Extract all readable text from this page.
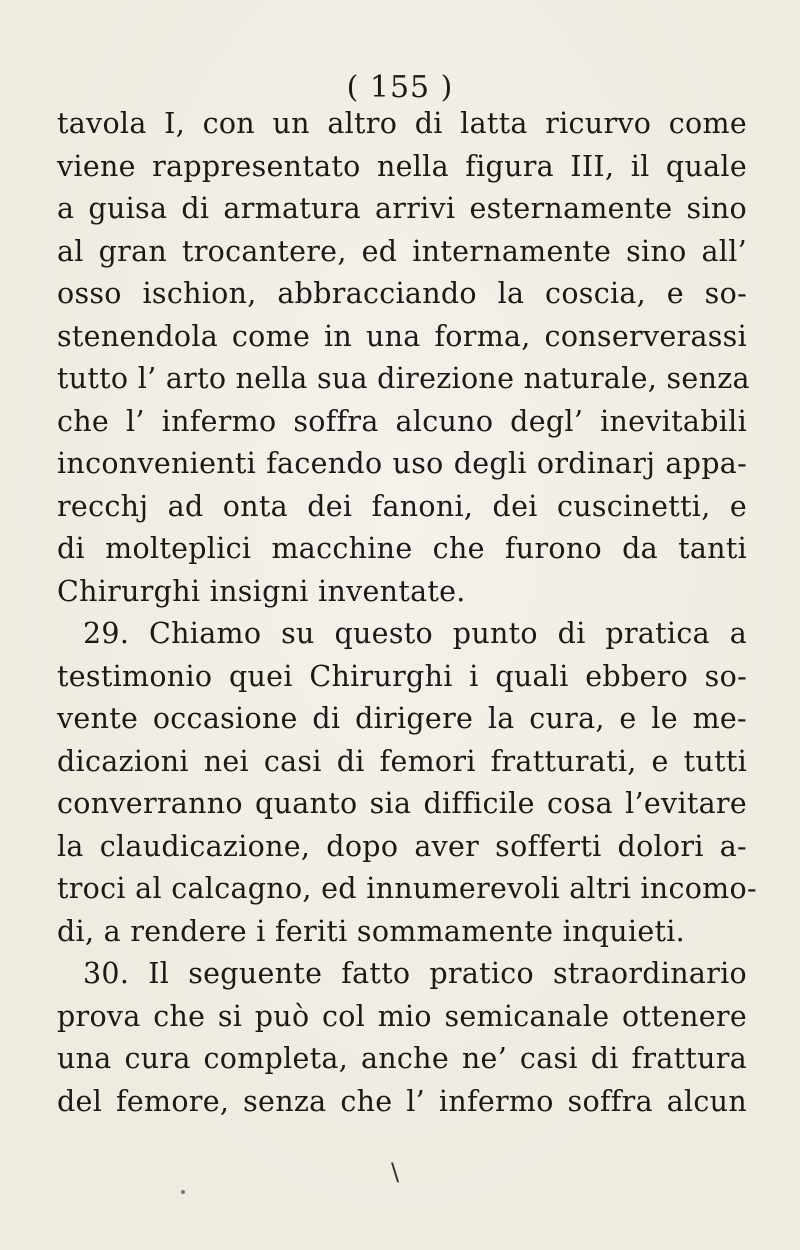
( 155 )
tavola I, con un altro di latta ricurvo come
viene rappresentato nella figura III, il quale
a guisa di armatura arrivi esternamente sino
al gran trocantere, ed internamente sino all’
osso ischion, abbracciando la coscia, e so-
stenendola come in una forma, conserverassi
tutto l’ arto nella sua direzione naturale, senza
che l’ infermo soffra alcuno degl’ inevitabili
inconvenienti facendo uso degli ordinarj appa-
recchj ad onta dei fanoni, dei cuscinetti, e
di molteplici macchine che furono da tanti
Chirurghi insigni inventate.
29. Chiamo su questo punto di pratica a
testimonio quei Chirurghi i quali ebbero so-
vente occasione di dirigere la cura, e le me-
dicazioni nei casi di femori fratturati, e tutti
converranno quanto sia difficile cosa l’evitare
la claudicazione, dopo aver sofferti dolori a-
troci al calcagno, ed innumerevoli altri incomo-
di, a rendere i feriti sommamente inquieti.
30. Il seguente fatto pratico straordinario
prova che si può col mio semicanale ottenere
una cura completa, anche ne’ casi di frattura
del femore, senza che l’ infermo soffra alcun
\
